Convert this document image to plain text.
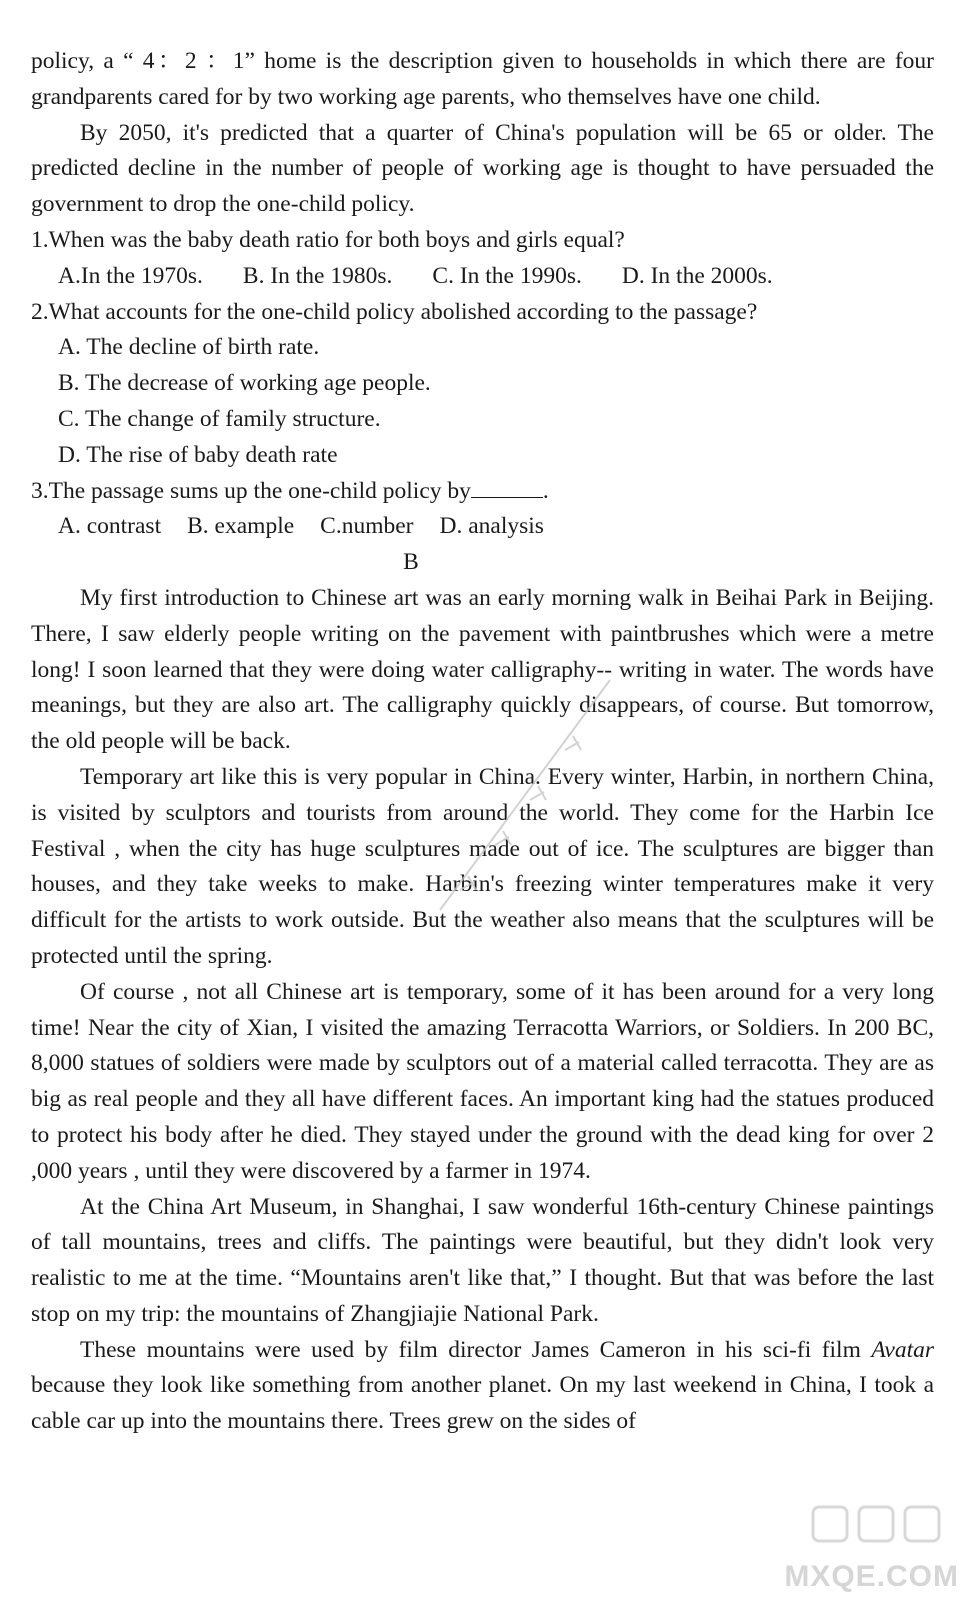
policy, a “ 4：2 ：1” home is the description given to households in which there are four grandparents cared for by two working age parents, who themselves have one child.

By 2050, it's predicted that a quarter of China's population will be 65 or older. The predicted decline in the number of people of working age is thought to have persuaded the government to drop the one-child policy.

1.When was the baby death ratio for both boys and girls equal?

A.In the 1970s. B. In the 1980s. C. In the 1990s. D. In the 2000s.

2.What accounts for the one-child policy abolished according to the passage?

A. The decline of birth rate.

B. The decrease of working age people.

C. The change of family structure.

D. The rise of baby death rate

3.The passage sums up the one-child policy by	.

A. contrast B. example C.number D. analysis

B

My first introduction to Chinese art was an early morning walk in Beihai Park in Beijing. There, I saw elderly people writing on the pavement with paintbrushes which were a metre long! I soon learned that they were doing water calligraphy-- writing in water. The words have meanings, but they are also art. The calligraphy quickly disappears, of course. But tomorrow, the old people will be back.

Temporary art like this is very popular in China. Every winter, Harbin, in northern China, is visited by sculptors and tourists from around the world. They come for the Harbin Ice Festival , when the city has huge sculptures made out of ice. The sculptures are bigger than houses, and they take weeks to make. Harbin's freezing winter temperatures make it very difficult for the artists to work outside. But the weather also means that the sculptures will be protected until the spring.

Of course , not all Chinese art is temporary, some of it has been around for a very long time! Near the city of Xian, I visited the amazing Terracotta Warriors, or Soldiers. In 200 BC, 8,000 statues of soldiers were made by sculptors out of a material called terracotta. They are as big as real people and they all have different faces. An important king had the statues produced to protect his body after he died. They stayed under the ground with the dead king for over 2 ,000 years , until they were discovered by a farmer in 1974.

At the China Art Museum, in Shanghai, I saw wonderful 16th-century Chinese paintings of tall mountains, trees and cliffs. The paintings were beautiful, but they didn't look very realistic to me at the time. “Mountains aren't like that,” I thought. But that was before the last stop on my trip: the mountains of Zhangjiajie National Park.

These mountains were used by film director James Cameron in his sci-fi film Avatar because they look like something from another planet. On my last weekend in China, I took a cable car up into the mountains there. Trees grew on the sides of

MXQE.COM
